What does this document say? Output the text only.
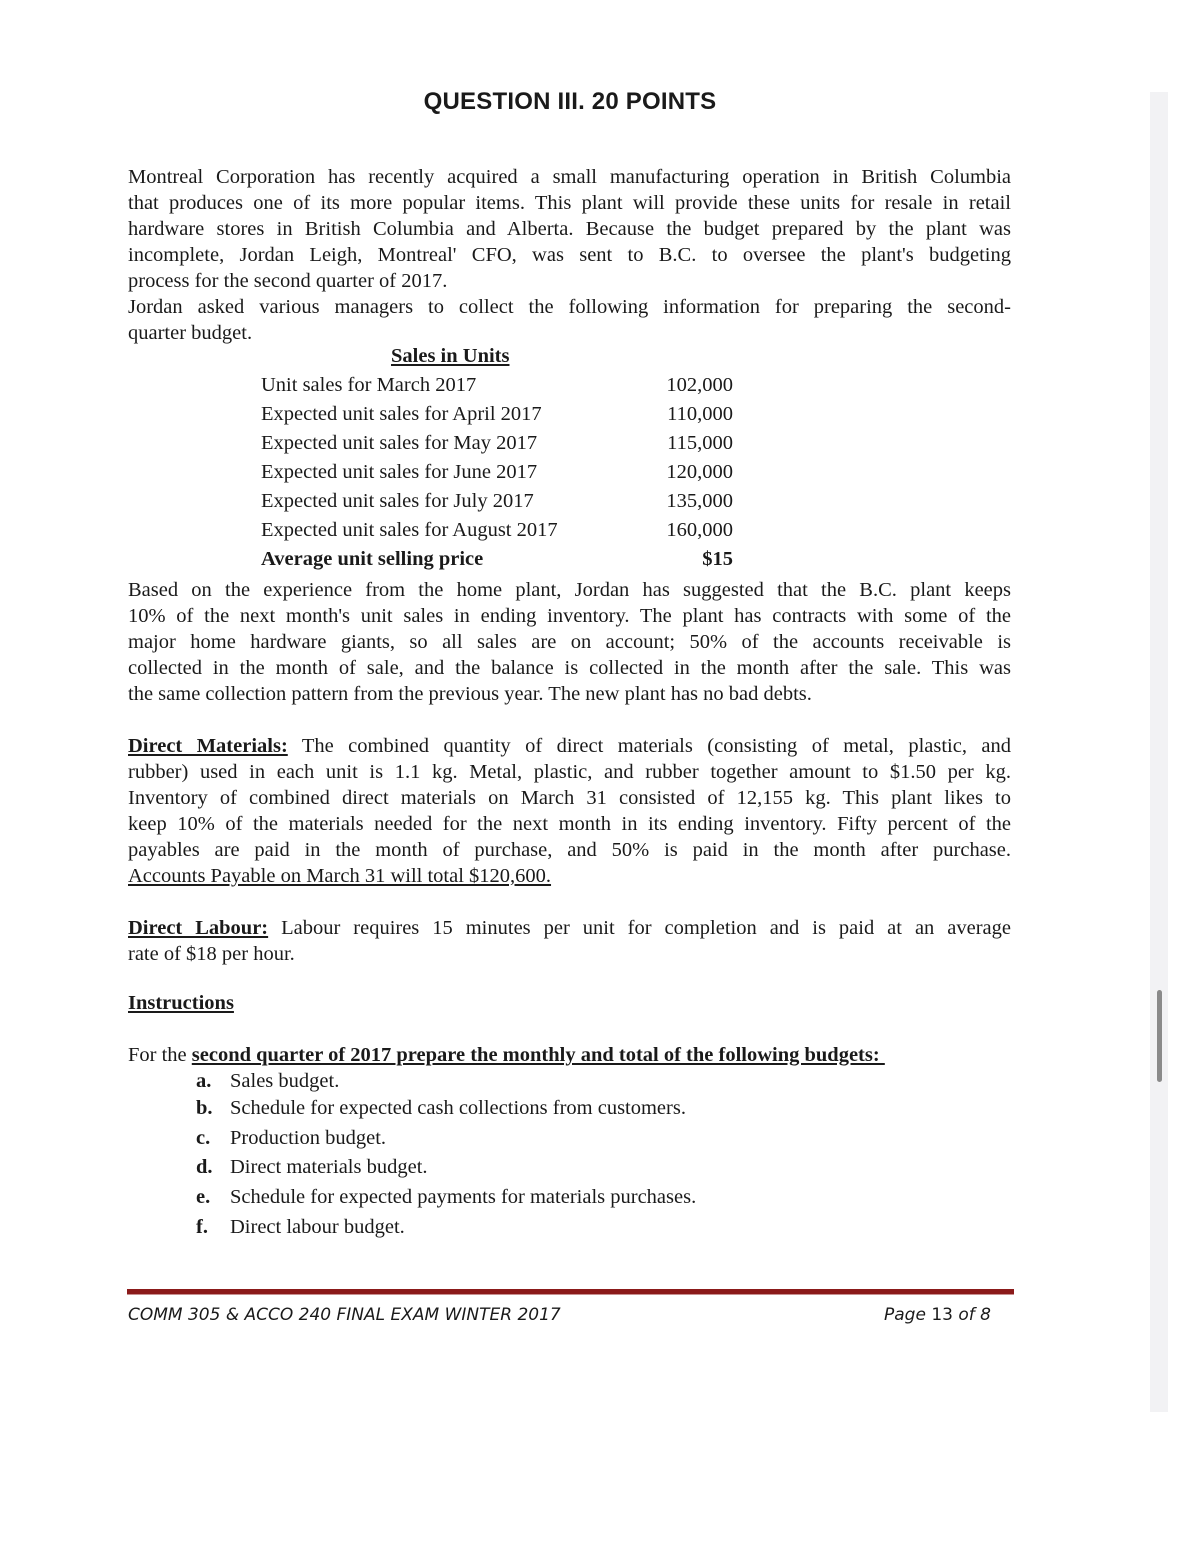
QUESTION III. 20 POINTS
Montreal Corporation has recently acquired a small manufacturing operation in British Columbia
that produces one of its more popular items. This plant will provide these units for resale in retail
hardware stores in British Columbia and Alberta. Because the budget prepared by the plant was
incomplete, Jordan Leigh, Montreal' CFO, was sent to B.C. to oversee the plant's budgeting
process for the second quarter of 2017.
Jordan asked various managers to collect the following information for preparing the second-
quarter budget.
Sales in Units
Unit sales for March 2017	102,000
Expected unit sales for April 2017	110,000
Expected unit sales for May 2017	115,000
Expected unit sales for June 2017	120,000
Expected unit sales for July 2017	135,000
Expected unit sales for August 2017	160,000
Average unit selling price	$15
Based on the experience from the home plant, Jordan has suggested that the B.C. plant keeps
10% of the next month's unit sales in ending inventory. The plant has contracts with some of the
major home hardware giants, so all sales are on account; 50% of the accounts receivable is
collected in the month of sale, and the balance is collected in the month after the sale. This was
the same collection pattern from the previous year. The new plant has no bad debts.
Direct Materials: The combined quantity of direct materials (consisting of metal, plastic, and
rubber) used in each unit is 1.1 kg. Metal, plastic, and rubber together amount to $1.50 per kg.
Inventory of combined direct materials on March 31 consisted of 12,155 kg. This plant likes to
keep 10% of the materials needed for the next month in its ending inventory. Fifty percent of the
payables are paid in the month of purchase, and 50% is paid in the month after purchase.
Accounts Payable on March 31 will total $120,600.
Direct Labour: Labour requires 15 minutes per unit for completion and is paid at an average
rate of $18 per hour.
Instructions
For the second quarter of 2017 prepare the monthly and total of the following budgets:
a. Sales budget.
b. Schedule for expected cash collections from customers.
c. Production budget.
d. Direct materials budget.
e. Schedule for expected payments for materials purchases.
f. Direct labour budget.
COMM 305 & ACCO 240 FINAL EXAM WINTER 2017	Page 13 of 8
